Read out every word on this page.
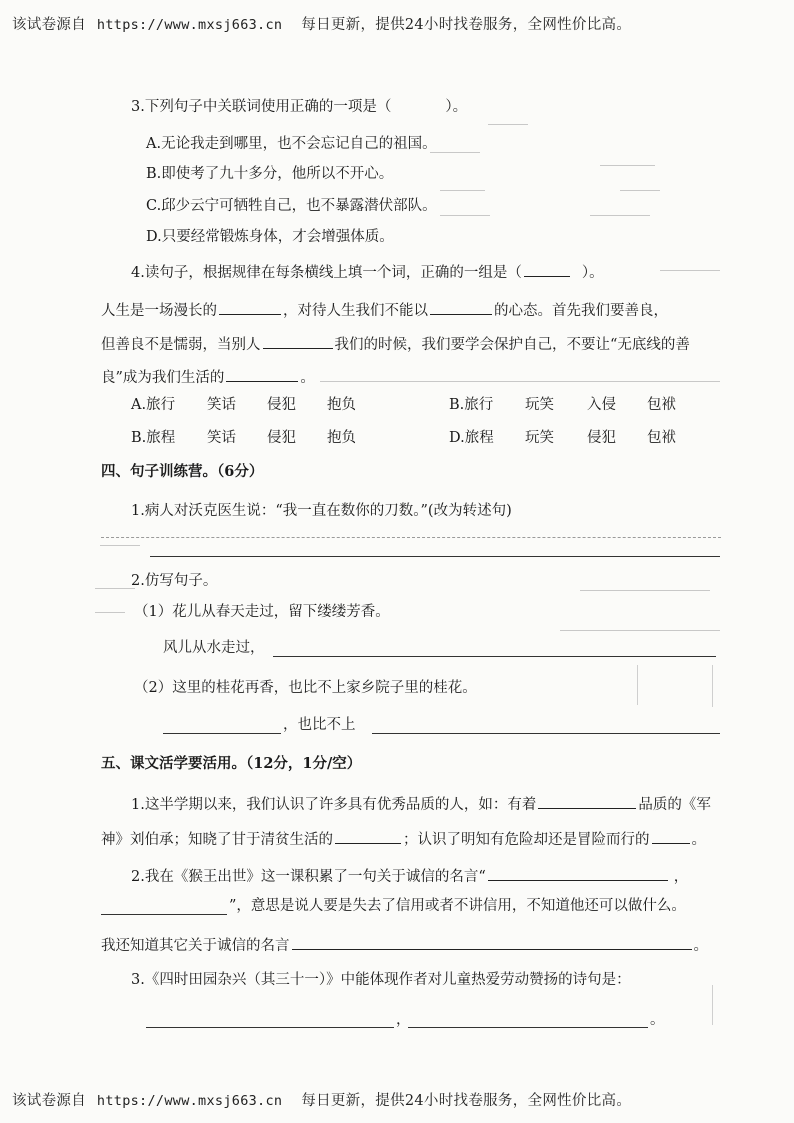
该试卷源自 https://www.mxsj663.cn 每日更新，提供24小时找卷服务，全网性价比高。
3.下列句子中关联词使用正确的一项是（	）。
A.无论我走到哪里，也不会忘记自己的祖国。
B.即使考了九十多分，他所以不开心。
C.邱少云宁可牺牲自己，也不暴露潜伏部队。
D.只要经常锻炼身体，才会增强体质。
4.读句子，根据规律在每条横线上填一个词，正确的一组是（	）。
人生是一场漫长的	，对待人生我们不能以	的心态。首先我们要善良，
但善良不是懦弱，当别人	我们的时候，我们要学会保护自己，不要让“无底线的善
良”成为我们生活的	。
A.旅行 笑话 侵犯 抱负	B.旅行 玩笑 入侵 包袱
B.旅程 笑话 侵犯 抱负	D.旅程 玩笑 侵犯 包袱
四、句子训练营。（6分）
1.病人对沃克医生说：“我一直在数你的刀数。”(改为转述句)
2.仿写句子。
（1）花儿从春天走过，留下缕缕芳香。
风儿从水走过，
（2）这里的桂花再香，也比不上家乡院子里的桂花。
，也比不上
五、课文活学要活用。（12分，1分/空）
1.这半学期以来，我们认识了许多具有优秀品质的人，如：有着	品质的《军
神》刘伯承；知晓了甘于清贫生活的	；认识了明知有危险却还是冒险而行的	。
2.我在《猴王出世》这一课积累了一句关于诚信的名言“	，
”，意思是说人要是失去了信用或者不讲信用，不知道他还可以做什么。
我还知道其它关于诚信的名言	。
3.《四时田园杂兴（其三十一）》中能体现作者对儿童热爱劳动赞扬的诗句是：
，	。
该试卷源自 https://www.mxsj663.cn 每日更新，提供24小时找卷服务，全网性价比高。
